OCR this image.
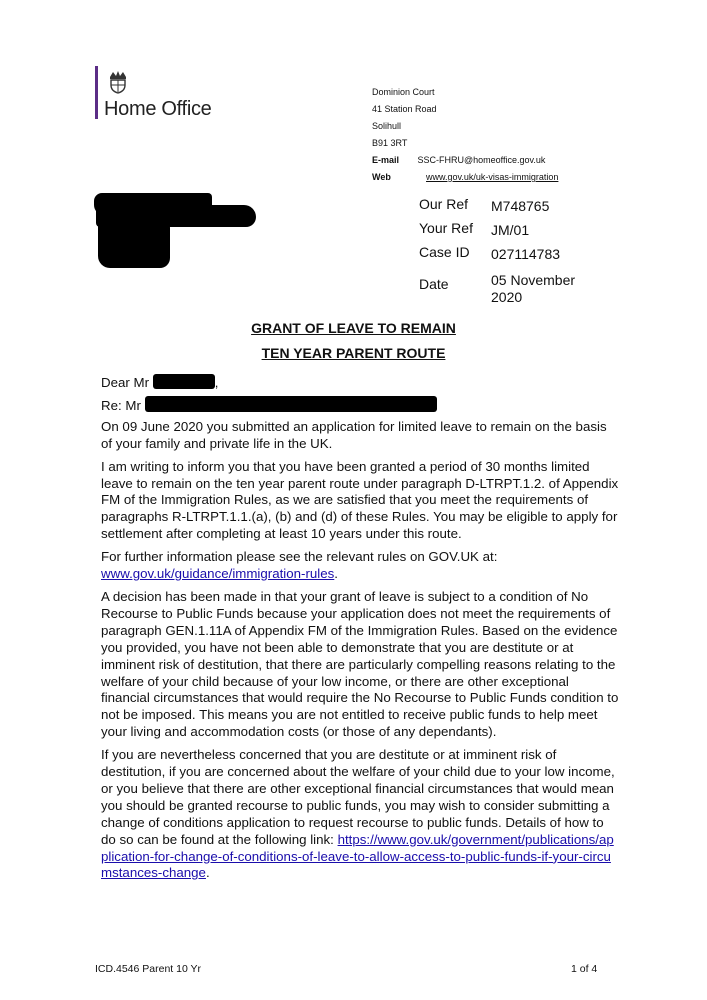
Home Office
Dominion Court
41 Station Road
Solihull
B91 3RT
E-mail SSC-FHRU@homeoffice.gov.uk
Web	www.gov.uk/uk-visas-immigration
Our Ref M748765
Your Ref JM/01
Case ID 027114783
Date	05 November
2020
GRANT OF LEAVE TO REMAIN
TEN YEAR PARENT ROUTE

Dear Mr	,

Re: Mr

On 09 June 2020 you submitted an application for limited leave to remain on the basis of your family and private life in the UK.

I am writing to inform you that you have been granted a period of 30 months limited leave to remain on the ten year parent route under paragraph D-LTRPT.1.2. of Appendix FM of the Immigration Rules, as we are satisfied that you meet the requirements of paragraphs R-LTRPT.1.1.(a), (b) and (d) of these Rules. You may be eligible to apply for settlement after completing at least 10 years under this route.

For further information please see the relevant rules on GOV.UK at:
www.gov.uk/guidance/immigration-rules.

A decision has been made in that your grant of leave is subject to a condition of No Recourse to Public Funds because your application does not meet the requirements of paragraph GEN.1.11A of Appendix FM of the Immigration Rules. Based on the evidence you provided, you have not been able to demonstrate that you are destitute or at imminent risk of destitution, that there are particularly compelling reasons relating to the welfare of your child because of your low income, or there are other exceptional financial circumstances that would require the No Recourse to Public Funds condition to not be imposed. This means you are not entitled to receive public funds to help meet your living and accommodation costs (or those of any dependants).

If you are nevertheless concerned that you are destitute or at imminent risk of destitution, if you are concerned about the welfare of your child due to your low income, or you believe that there are other exceptional financial circumstances that would mean you should be granted recourse to public funds, you may wish to consider submitting a change of conditions application to request recourse to public funds. Details of how to do so can be found at the following link: https://www.gov.uk/government/publications/application-for-change-of-conditions-of-leave-to-allow-access-to-public-funds-if-your-circumstances-change.

ICD.4546 Parent 10 Yr	1 of 4
